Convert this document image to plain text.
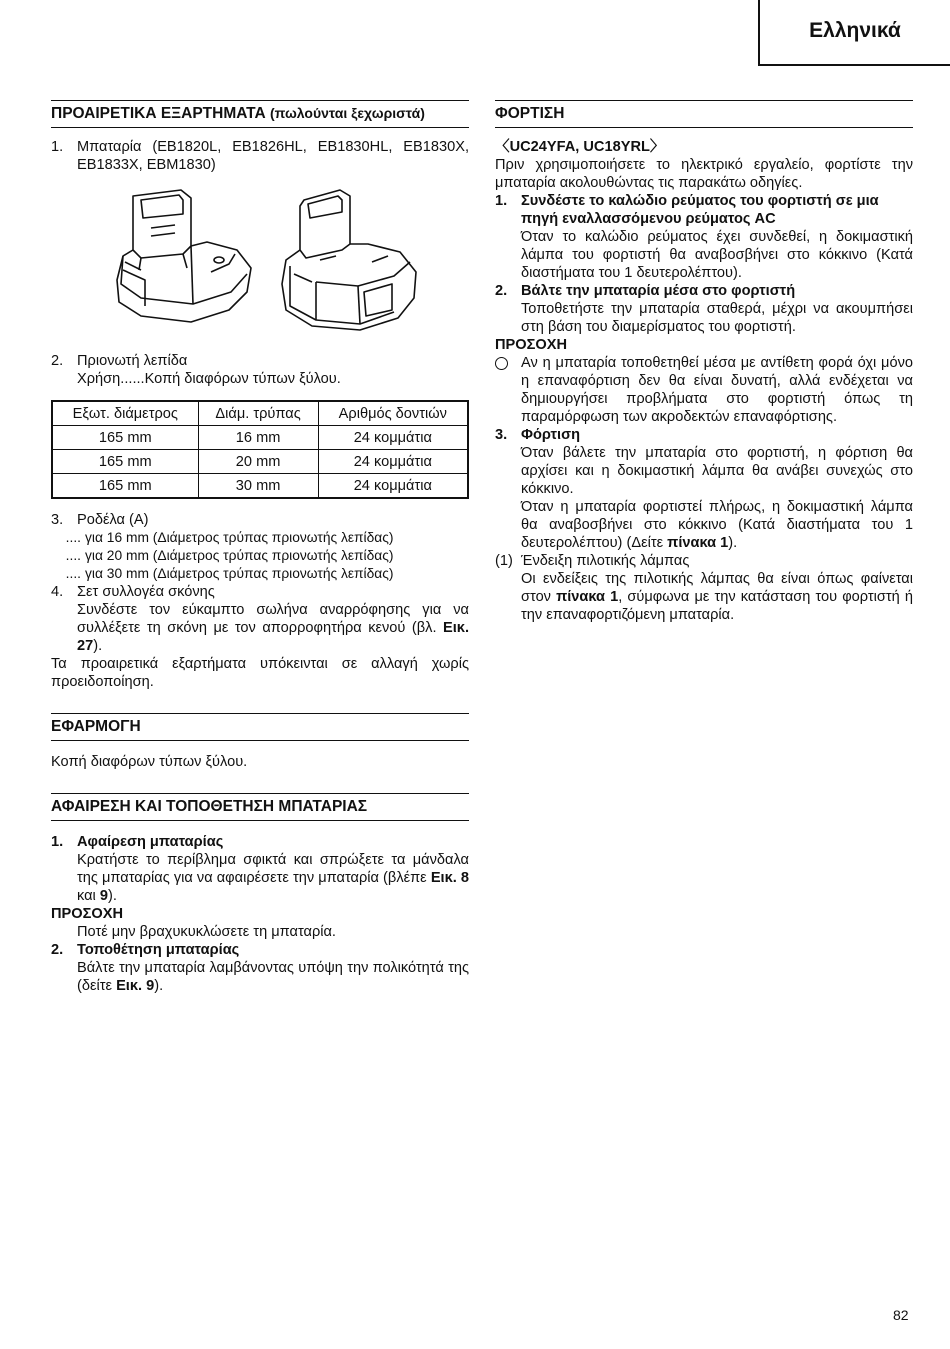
Ελληνικά
ΠΡΟΑΙΡΕΤΙΚΑ ΕΞΑΡΤΗΜΑΤΑ (πωλούνται ξεχωριστά)
1. Μπαταρία (EB1820L, EB1826HL, EB1830HL, EB1830X, EB1833X, EBM1830)
2. Πριονωτή λεπίδα
Χρήση......Κοπή διαφόρων τύπων ξύλου.
Εξωτ. διάμετρος	Διάμ. τρύπας	Αριθμός δοντιών
165 mm	16 mm	24 κομμάτια
165 mm	20 mm	24 κομμάτια
165 mm	30 mm	24 κομμάτια
3. Ροδέλα (A)
.... για 16 mm (Διάμετρος τρύπας πριονωτής λεπίδας)
.... για 20 mm (Διάμετρος τρύπας πριονωτής λεπίδας)
.... για 30 mm (Διάμετρος τρύπας πριονωτής λεπίδας)
4. Σετ συλλογέα σκόνης
Συνδέστε τον εύκαμπτο σωλήνα αναρρόφησης για να συλλέξετε τη σκόνη με τον απορροφητήρα κενού (βλ. Εικ. 27).
Τα προαιρετικά εξαρτήματα υπόκεινται σε αλλαγή χωρίς προειδοποίηση.
ΕΦΑΡΜΟΓΗ
Κοπή διαφόρων τύπων ξύλου.
ΑΦΑΙΡΕΣΗ ΚΑΙ ΤΟΠΟΘΕΤΗΣΗ ΜΠΑΤΑΡΙΑΣ
1. Αφαίρεση μπαταρίας
Κρατήστε το περίβλημα σφικτά και σπρώξετε τα μάνδαλα της μπαταρίας για να αφαιρέσετε την μπαταρία (βλέπε Εικ. 8 και 9).
ΠΡΟΣΟΧΗ
Ποτέ μην βραχυκυκλώσετε τη μπαταρία.
2. Τοποθέτηση μπαταρίας
Βάλτε την μπαταρία λαμβάνοντας υπόψη την πολικότητά της (δείτε Εικ. 9).
ΦΟΡΤΙΣΗ
〈UC24YFA, UC18YRL〉
Πριν χρησιμοποιήσετε το ηλεκτρικό εργαλείο, φορτίστε την μπαταρία ακολουθώντας τις παρακάτω οδηγίες.
1. Συνδέστε το καλώδιο ρεύματος του φορτιστή σε μια πηγή εναλλασσόμενου ρεύματος AC
Όταν το καλώδιο ρεύματος έχει συνδεθεί, η δοκιμαστική λάμπα του φορτιστή θα αναβοσβήνει στο κόκκινο (Κατά διαστήματα του 1 δευτερολέπτου).
2. Βάλτε την μπαταρία μέσα στο φορτιστή
Τοποθετήστε την μπαταρία σταθερά, μέχρι να ακουμπήσει στη βάση του διαμερίσματος του φορτιστή.
ΠΡΟΣΟΧΗ
Αν η μπαταρία τοποθετηθεί μέσα με αντίθετη φορά όχι μόνο η επαναφόρτιση δεν θα είναι δυνατή, αλλά ενδέχεται να δημιουργήσει προβλήματα στο φορτιστή όπως τη παραμόρφωση των ακροδεκτών επαναφόρτισης.
3. Φόρτιση
Όταν βάλετε την μπαταρία στο φορτιστή, η φόρτιση θα αρχίσει και η δοκιμαστική λάμπα θα ανάβει συνεχώς στο κόκκινο.
Όταν η μπαταρία φορτιστεί πλήρως, η δοκιμαστική λάμπα θα αναβοσβήνει στο κόκκινο (Κατά διαστήματα του 1 δευτερολέπτου) (Δείτε πίνακα 1).
(1) Ένδειξη πιλοτικής λάμπας
Οι ενδείξεις της πιλοτικής λάμπας θα είναι όπως φαίνεται στον πίνακα 1, σύμφωνα με την κατάσταση του φορτιστή ή την επαναφορτιζόμενη μπαταρία.
82
